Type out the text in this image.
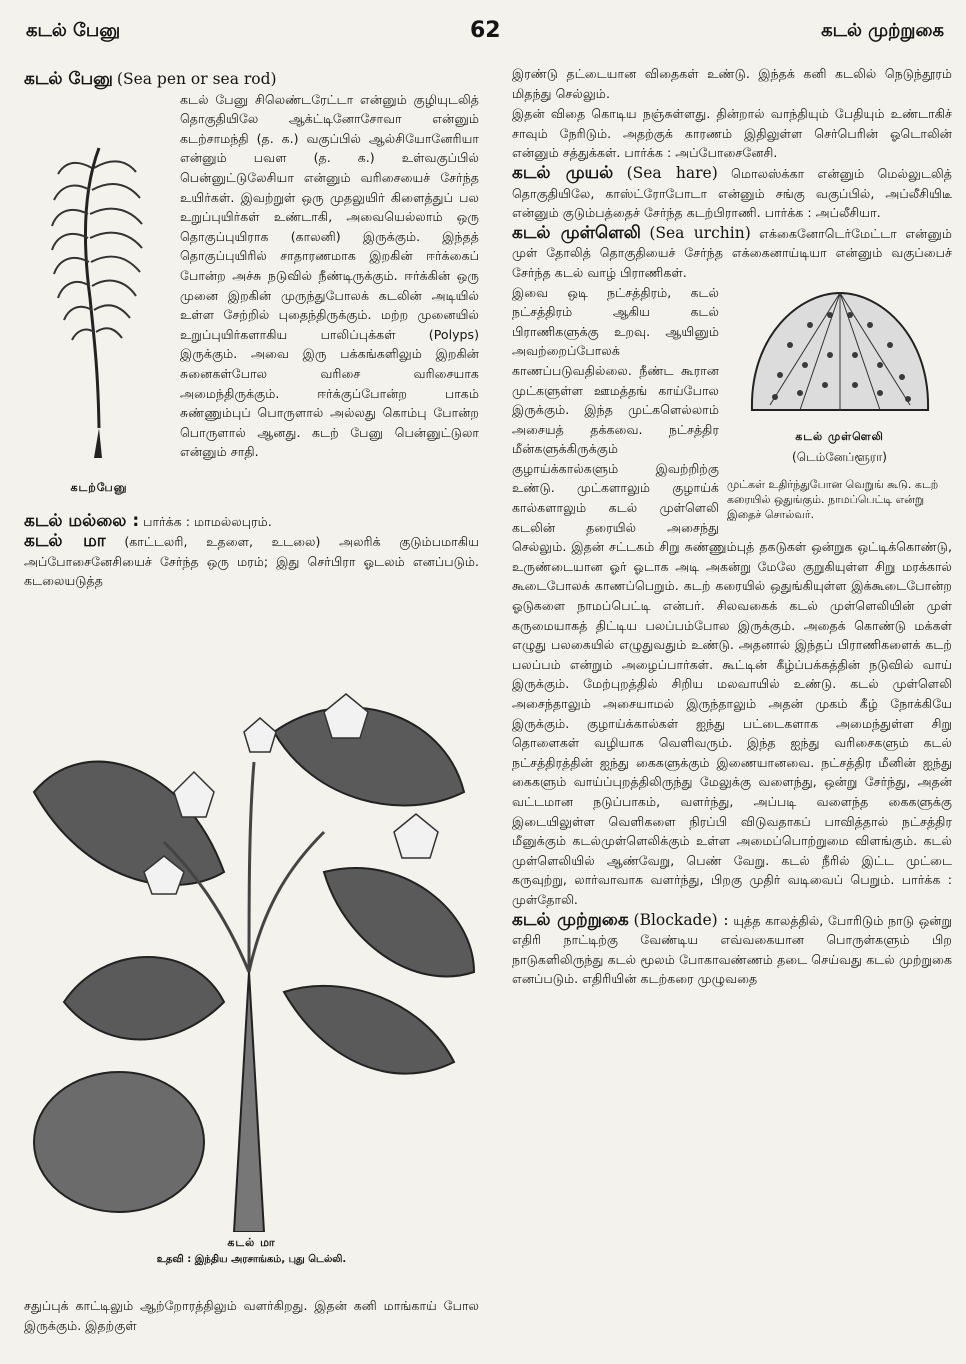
கடல் பேனு	62	கடல் முற்றுகை

கடல் பேனு (Sea pen or sea rod)

கடற்பேனு

கடல் பேனு சிலெண்டரேட்டா என்னும் குழியுடலித் தொகுதியிலே ஆக்ட்டினோசோவா என்னும் கடற்சாமந்தி (த. க.) வகுப்பில் ஆல்சியோனேரியா என்னும் பவள (த. க.) உள்வகுப்பில் பென்னுட்டுலேசியா என்னும் வரிசையைச் சேர்ந்த உயிர்கள். இவற்றுள் ஒரு முதலுயிர் கிளைத்துப் பல உறுப்புயிர்கள் உண்டாகி, அவையெல்லாம் ஒரு தொகுப்புயிராக (காலனி) இருக்கும். இந்தத் தொகுப்புயிரில் சாதாரணமாக இறகின் ஈர்க்கைப் போன்ற அச்சு நடுவில் நீண்டிருக்கும். ஈர்க்கின் ஒரு முனை இறகின் முருந்துபோலக் கடலின் அடியில் உள்ள சேற்றில் புதைந்திருக்கும். மற்ற முனையில் உறுப்புயிர்களாகிய பாலிப்புக்கள் (Polyps) இருக்கும். அவை இரு பக்கங்களிலும் இறகின் சுனைகள்போல வரிசை வரிசையாக அமைந்திருக்கும். ஈர்க்குப்போன்ற பாகம் சுண்ணும்புப் பொருளால் அல்லது கொம்பு போன்ற பொருளால் ஆனது. கடற் பேனு பென்னுட்டுலா என்னும் சாதி.

கடல் மல்லை : பார்க்க : மாமல்லபுரம்.

கடல் மா (காட்டலரி, உதளை, உடலை) அலரிக் குடும்பமாகிய அப்போசைனேசியைச் சேர்ந்த ஒரு மரம்; இது செர்பிரா ஓடலம் எனப்படும். கடலையடுத்த

கடல் மா
உதவி : இந்திய அரசாங்கம், புது டெல்லி.
சதுப்புக் காட்டிலும் ஆற்றோரத்திலும் வளர்கிறது. இதன் கனி மாங்காய் போல இருக்கும். இதற்குள்

இரண்டு தட்டையான விதைகள் உண்டு. இந்தக் கனி கடலில் நெடுந்தூரம் மிதந்து செல்லும்.

இதன் விதை கொடிய நஞ்சுள்ளது. தின்றால் வாந்தியும் பேதியும் உண்டாகிச் சாவும் நேரிடும். அதற்குக் காரணம் இதிலுள்ள செர்பெரின் ஓடொலின் என்னும் சத்துக்கள். பார்க்க : அப்போசைனேசி.

கடல் முயல் (Sea hare) மொலஸ்க்கா என்னும் மெல்லுடலித் தொகுதியிலே, காஸ்ட்ரோபோடா என்னும் சங்கு வகுப்பில், அப்லீசியிடீ என்னும் குடும்பத்தைச் சேர்ந்த கடற்பிராணி. பார்க்க : அப்லீசியா.

கடல் முள்ளெலி (Sea urchin) எக்கைனோடெர்மேட்டா என்னும் முள் தோலித் தொகுதியைச் சேர்ந்த எக்கைனாய்டியா என்னும் வகுப்பைச் சேர்ந்த கடல் வாழ் பிராணிகள்.

கடல் முள்ளெலி
(டெம்னேப்ளூரா)
முட்கள் உதிர்ந்துபோன வெறுங் கூடு. கடற் கரையில் ஒதுங்கும். நாமப்பெட்டி என்று இதைச் சொல்வர்.

இவை ஒடி நட்சத்திரம், கடல் நட்சத்திரம் ஆகிய கடல் பிராணிகளுக்கு உறவு. ஆயினும் அவற்றைப்போலக் காணப்படுவதில்லை. நீண்ட கூரான முட்களுள்ள ஊமத்தங் காய்போல இருக்கும். இந்த முட்களெல்லாம் அசையத் தக்கவை. நட்சத்திர மீன்களுக்கிருக்கும் குழாய்க்கால்களும் இவற்றிற்கு உண்டு. முட்களாலும் குழாய்க் கால்களாலும் கடல் முள்ளெலி கடலின் தரையில் அசைந்து செல்லும். இதன் சட்டகம் சிறு சுண்ணும்புத் தகடுகள் ஒன்றுக ஒட்டிக்கொண்டு, உருண்டையான ஓர் ஓடாக அடி அகன்று மேலே குறுகியுள்ள சிறு மரக்கால் கூடைபோலக் காணப்பெறும். கடற் கரையில் ஒதுங்கியுள்ள இக்கூடைபோன்ற ஓடுகளை நாமப்பெட்டி என்பர். சிலவகைக் கடல் முள்ளெலியின் முள் கருமையாகத் திட்டிய பலப்பம்போல இருக்கும். அதைக் கொண்டு மக்கள் எழுது பலகையில் எழுதுவதும் உண்டு. அதனால் இந்தப் பிராணிகளைக் கடற் பலப்பம் என்றும் அழைப்பார்கள். கூட்டின் கீழ்ப்பக்கத்தின் நடுவில் வாய் இருக்கும். மேற்புறத்தில் சிறிய மலவாயில் உண்டு. கடல் முள்ளெலி அசைந்தாலும் அசையாமல் இருந்தாலும் அதன் முகம் கீழ் நோக்கியே இருக்கும். குழாய்க்கால்கள் ஐந்து பட்டைகளாக அமைந்துள்ள சிறு தொளைகள் வழியாக வெளிவரும். இந்த ஐந்து வரிசைகளும் கடல் நட்சத்திரத்தின் ஐந்து கைகளுக்கும் இணையானவை. நட்சத்திர மீனின் ஐந்து கைகளும் வாய்ப்புறத்திலிருந்து மேலுக்கு வளைந்து, ஒன்று சேர்ந்து, அதன் வட்டமான நடுப்பாகம், வளர்ந்து, அப்படி வளைந்த கைகளுக்கு இடையிலுள்ள வெளிகளை நிரப்பி விடுவதாகப் பாவித்தால் நட்சத்திர மீனுக்கும் கடல்முள்ளெலிக்கும் உள்ள அமைப்பொற்றுமை விளங்கும். கடல் முள்ளெலியில் ஆண்வேறு, பெண் வேறு. கடல் நீரில் இட்ட முட்டை கருவுற்று, லார்வாவாக வளர்ந்து, பிறகு முதிர் வடிவைப் பெறும். பார்க்க : முள்தோலி.

கடல் முற்றுகை (Blockade) : யுத்த காலத்தில், போரிடும் நாடு ஒன்று எதிரி நாட்டிற்கு வேண்டிய எவ்வகையான பொருள்களும் பிற நாடுகளிலிருந்து கடல் மூலம் போகாவண்ணம் தடை செய்வது கடல் முற்றுகை எனப்படும். எதிரியின் கடற்கரை முழுவதை
